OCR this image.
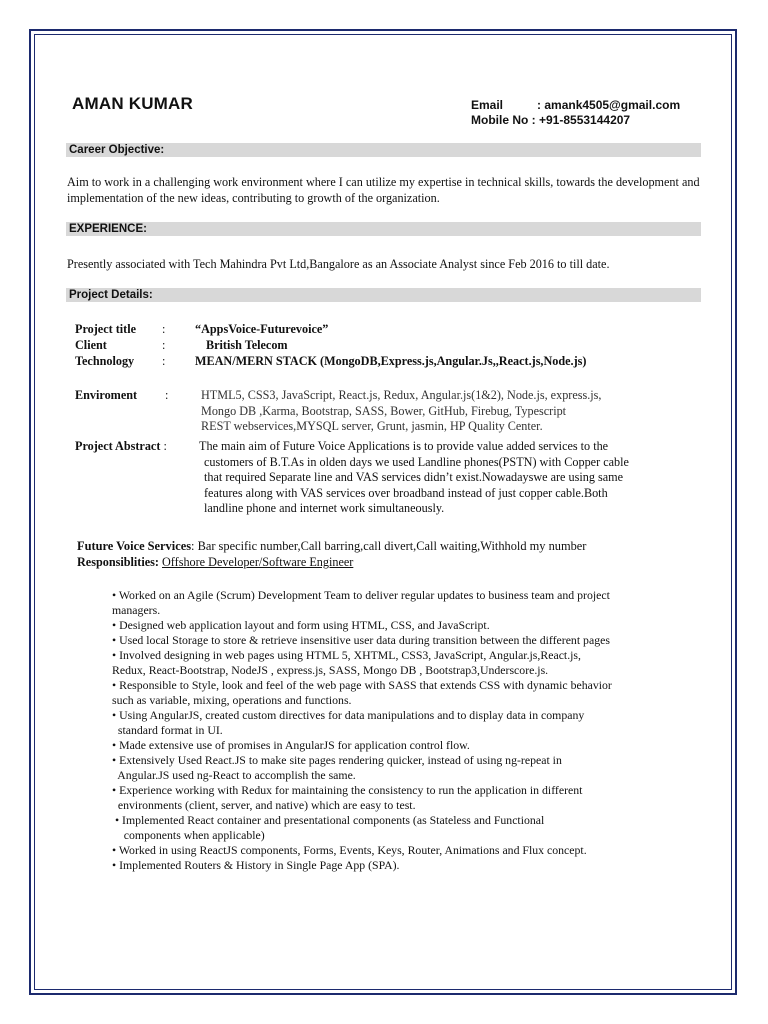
AMAN KUMAR	Email	: amank4505@gmail.com
Mobile No : +91-8553144207
Career Objective:
Aim to work in a challenging work environment where I can utilize my expertise in technical skills, towards the development and implementation of the new ideas, contributing to growth of the organization.
EXPERIENCE:
Presently associated with Tech Mahindra Pvt Ltd,Bangalore as an Associate Analyst since Feb 2016 to till date.
Project Details:
Project title : “AppsVoice-Futurevoice”
Client	:	British Telecom
Technology : MEAN/MERN STACK (MongoDB,Express.js,Angular.Js,,React.js,Node.js)
Enviroment :	HTML5, CSS3, JavaScript, React.js, Redux, Angular.js(1&2), Node.js, express.js,
Mongo DB ,Karma, Bootstrap, SASS, Bower, GitHub, Firebug, Typescript
REST webservices,MYSQL server, Grunt, jasmin, HP Quality Center.
Project Abstract :	The main aim of Future Voice Applications is to provide value added services to the
customers of B.T.As in olden days we used Landline phones(PSTN) with Copper cable
that required Separate line and VAS services didn’t exist.Nowadayswe are using same
features along with VAS services over broadband instead of just copper cable.Both
landline phone and internet work simultaneously.
Future Voice Services: Bar specific number,Call barring,call divert,Call waiting,Withhold my number
Responsiblities: Offshore Developer/Software Engineer
• Worked on an Agile (Scrum) Development Team to deliver regular updates to business team and project
managers.
• Designed web application layout and form using HTML, CSS, and JavaScript.
• Used local Storage to store & retrieve insensitive user data during transition between the different pages
• Involved designing in web pages using HTML 5, XHTML, CSS3, JavaScript, Angular.js,React.js,
Redux, React-Bootstrap, NodeJS , express.js, SASS, Mongo DB , Bootstrap3,Underscore.js.
• Responsible to Style, look and feel of the web page with SASS that extends CSS with dynamic behavior
such as variable, mixing, operations and functions.
• Using AngularJS, created custom directives for data manipulations and to display data in company
standard format in UI.
• Made extensive use of promises in AngularJS for application control flow.
• Extensively Used React.JS to make site pages rendering quicker, instead of using ng-repeat in
Angular.JS used ng-React to accomplish the same.
• Experience working with Redux for maintaining the consistency to run the application in different
environments (client, server, and native) which are easy to test.
• Implemented React container and presentational components (as Stateless and Functional
components when applicable)
• Worked in using ReactJS components, Forms, Events, Keys, Router, Animations and Flux concept.
• Implemented Routers & History in Single Page App (SPA).
